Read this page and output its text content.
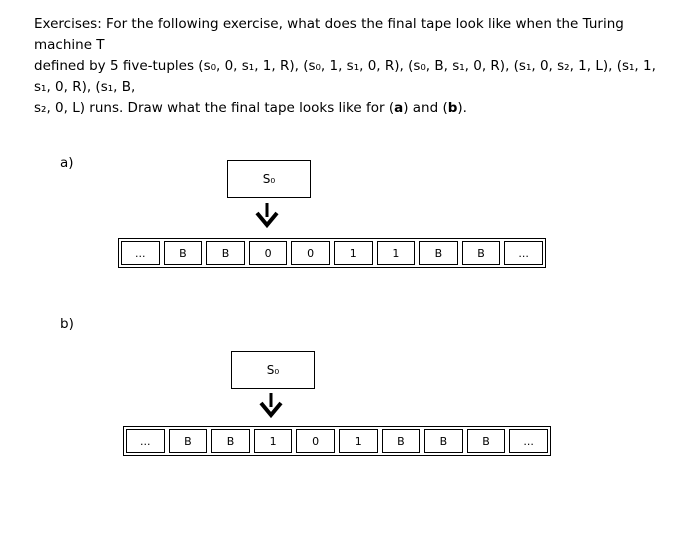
Exercises: For the following exercise, what does the final tape look like when the Turing machine T
defined by 5 five-tuples (s₀, 0, s₁, 1, R), (s₀, 1, s₁, 0, R), (s₀, B, s₁, 0, R), (s₁, 0, s₂, 1, L), (s₁, 1, s₁, 0, R), (s₁, B,
s₂, 0, L) runs. Draw what the final tape looks like for (a) and (b).

a)
S₀
...	B	B	0	0	1	1	B	B	...
b)
S₀
...	B	B	1	0	1	B	B	B	...
